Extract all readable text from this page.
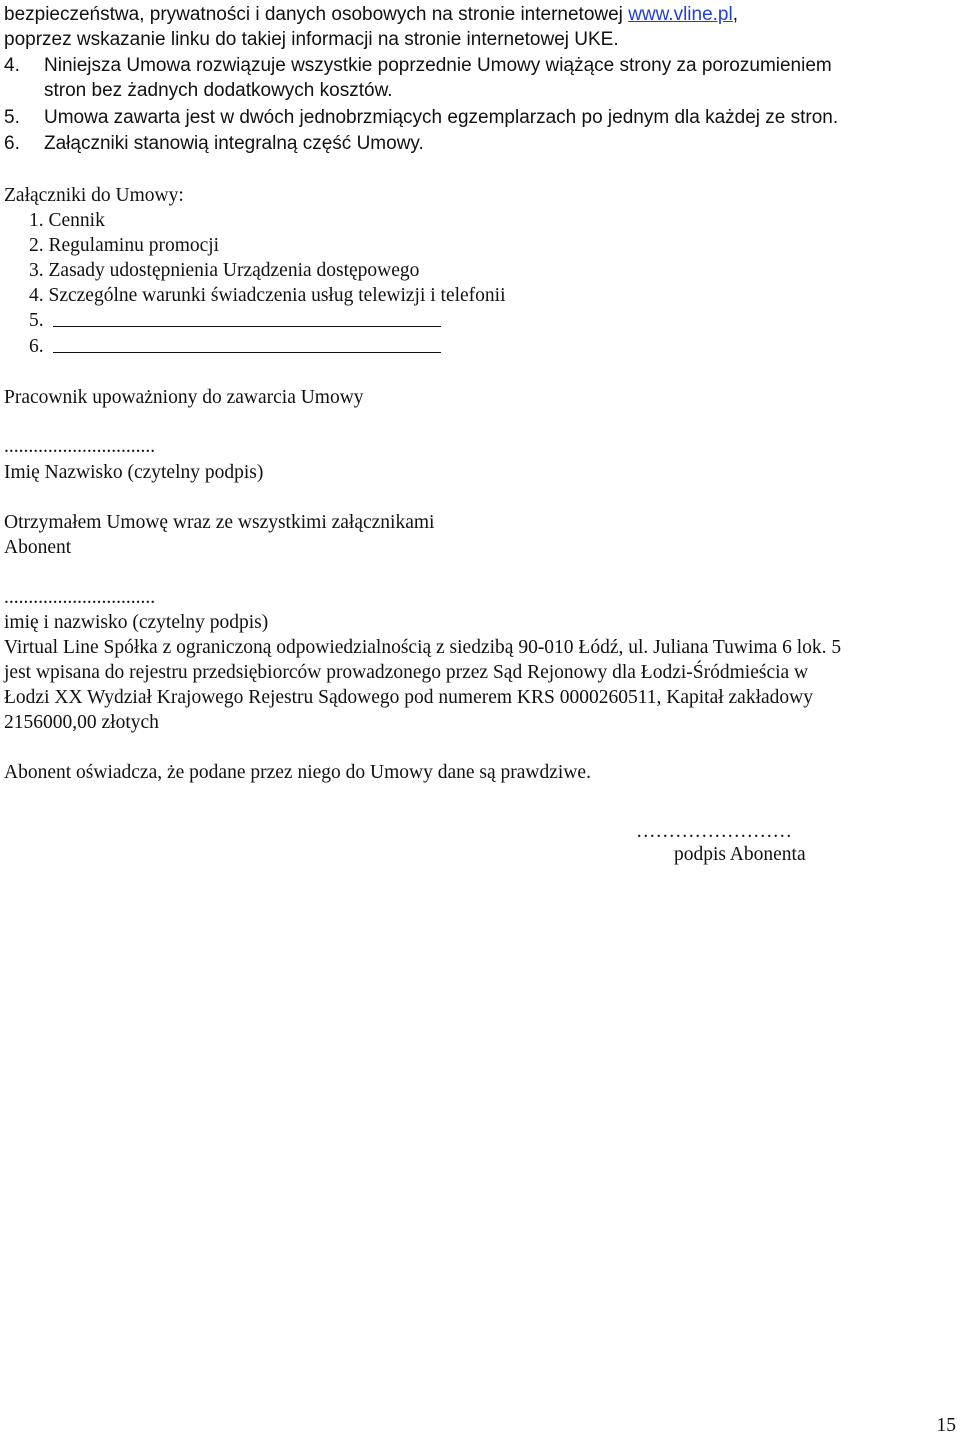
bezpieczeństwa, prywatności i danych osobowych na stronie internetowej www.vline.pl,
poprzez wskazanie linku do takiej informacji na stronie internetowej UKE.
4. Niniejsza Umowa rozwiązuje wszystkie poprzednie Umowy wiążące strony za porozumieniem
stron bez żadnych dodatkowych kosztów.
5. Umowa zawarta jest w dwóch jednobrzmiących egzemplarzach po jednym dla każdej ze stron.
6. Załączniki stanowią integralną część Umowy.
Załączniki do Umowy:
1. Cennik
2. Regulaminu promocji
3. Zasady udostępnienia Urządzenia dostępowego
4. Szczególne warunki świadczenia usług telewizji i telefonii
5.
6.
Pracownik upoważniony do zawarcia Umowy
...............................
Imię Nazwisko (czytelny podpis)
Otrzymałem Umowę wraz ze wszystkimi załącznikami
Abonent
...............................
imię i nazwisko (czytelny podpis)
Virtual Line Spółka z ograniczoną odpowiedzialnością z siedzibą 90-010 Łódź, ul. Juliana Tuwima 6 lok. 5
jest wpisana do rejestru przedsiębiorców prowadzonego przez Sąd Rejonowy dla Łodzi-Śródmieścia w
Łodzi XX Wydział Krajowego Rejestru Sądowego pod numerem KRS 0000260511, Kapitał zakładowy
2156000,00 złotych
Abonent oświadcza, że podane przez niego do Umowy dane są prawdziwe.
……………………
podpis Abonenta
15
